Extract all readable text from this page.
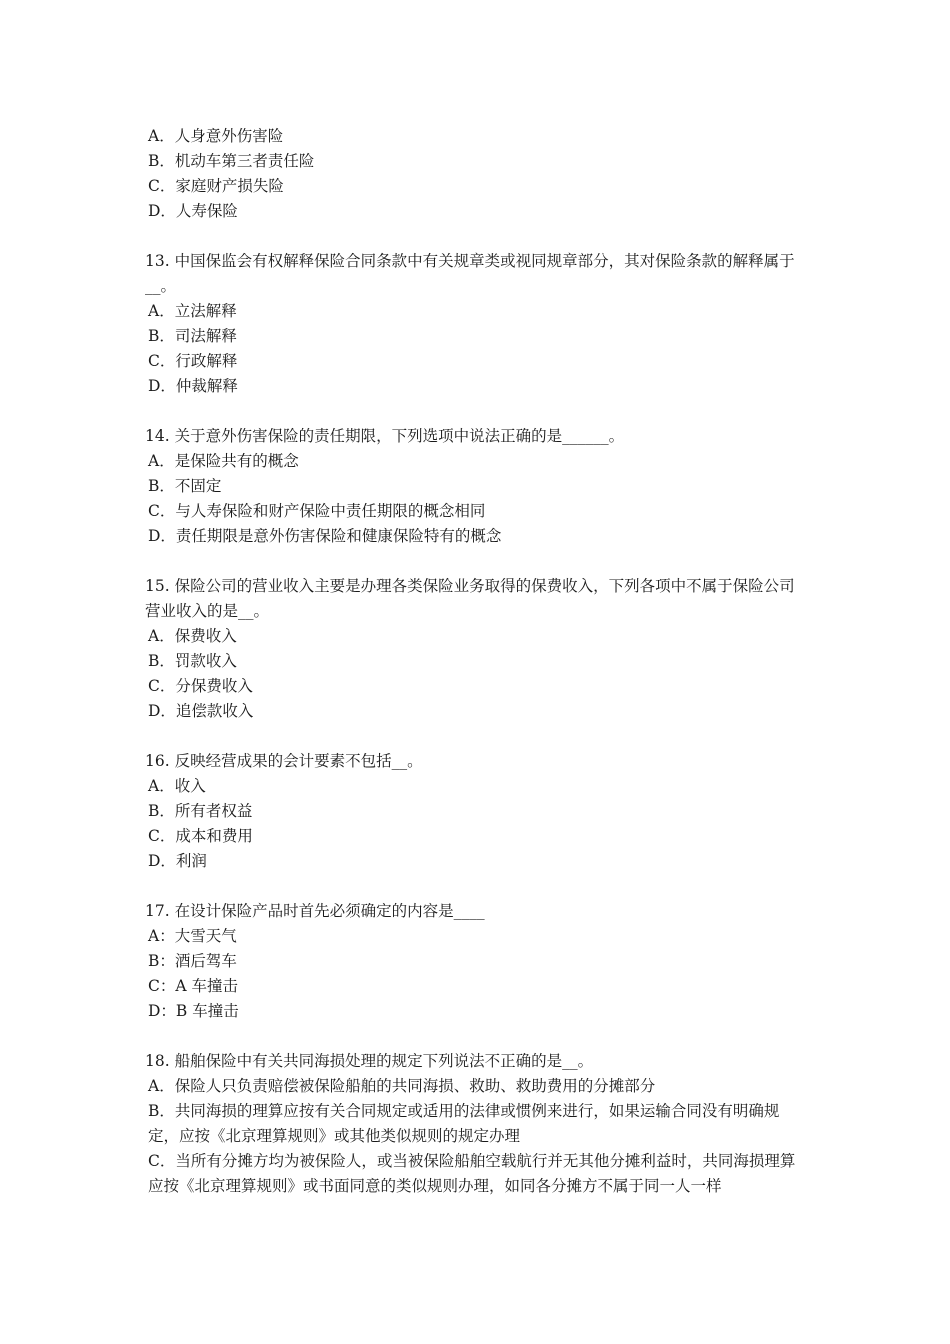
A．人身意外伤害险

B．机动车第三者责任险

C．家庭财产损失险

D．人寿保险

13. 中国保监会有权解释保险合同条款中有关规章类或视同规章部分，其对保险条款的解释属于__。

A．立法解释

B．司法解释

C．行政解释

D．仲裁解释

14. 关于意外伤害保险的责任期限，下列选项中说法正确的是______。

A．是保险共有的概念

B．不固定

C．与人寿保险和财产保险中责任期限的概念相同

D．责任期限是意外伤害保险和健康保险特有的概念

15. 保险公司的营业收入主要是办理各类保险业务取得的保费收入，下列各项中不属于保险公司营业收入的是__。

A．保费收入

B．罚款收入

C．分保费收入

D．追偿款收入

16. 反映经营成果的会计要素不包括__。

A．收入

B．所有者权益

C．成本和费用

D．利润

17. 在设计保险产品时首先必须确定的内容是____

A：大雪天气

B：酒后驾车

C：A 车撞击

D：B 车撞击

18. 船舶保险中有关共同海损处理的规定下列说法不正确的是__。

A．保险人只负责赔偿被保险船舶的共同海损、救助、救助费用的分摊部分

B．共同海损的理算应按有关合同规定或适用的法律或惯例来进行，如果运输合同没有明确规定，应按《北京理算规则》或其他类似规则的规定办理

C．当所有分摊方均为被保险人，或当被保险船舶空载航行并无其他分摊利益时，共同海损理算应按《北京理算规则》或书面同意的类似规则办理，如同各分摊方不属于同一人一样
